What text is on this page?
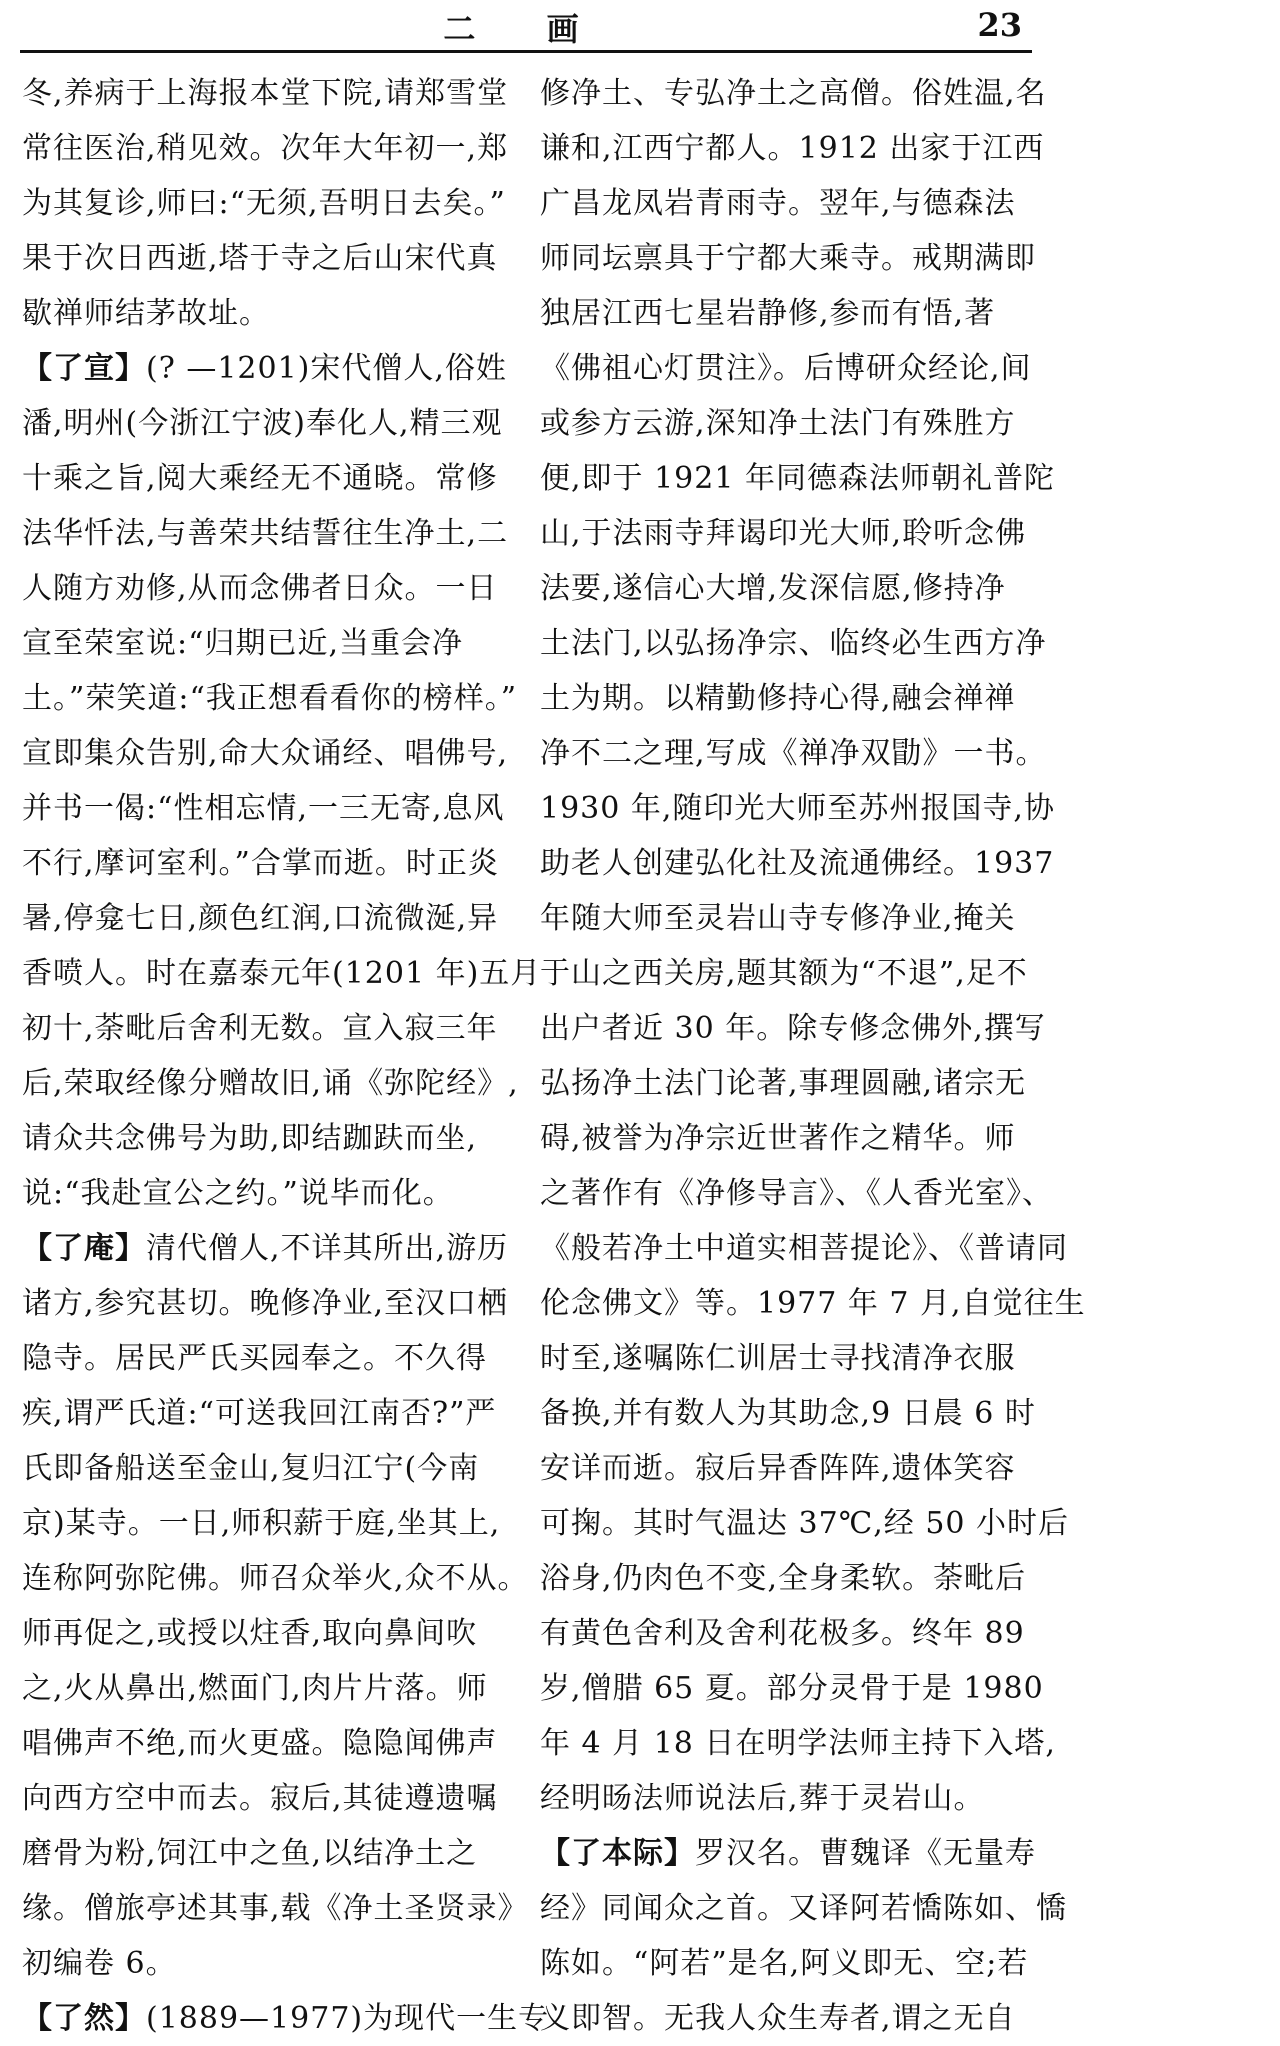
二 画	23
冬,养病于上海报本堂下院,请郑雪堂
常往医治,稍见效。次年大年初一,郑
为其复诊,师曰:“无须,吾明日去矣。”
果于次日西逝,塔于寺之后山宋代真
歇禅师结茅故址。
【了宣】(? —1201)宋代僧人,俗姓
潘,明州(今浙江宁波)奉化人,精三观
十乘之旨,阅大乘经无不通晓。常修
法华忏法,与善荣共结誓往生净土,二
人随方劝修,从而念佛者日众。一日
宣至荣室说:“归期已近,当重会净
土。”荣笑道:“我正想看看你的榜样。”
宣即集众告别,命大众诵经、唱佛号,
并书一偈:“性相忘情,一三无寄,息风
不行,摩诃室利。”合掌而逝。时正炎
暑,停龛七日,颜色红润,口流微涎,异
香喷人。时在嘉泰元年(1201 年)五月
初十,荼毗后舍利无数。宣入寂三年
后,荣取经像分赠故旧,诵《弥陀经》,
请众共念佛号为助,即结跏趺而坐,
说:“我赴宣公之约。”说毕而化。
【了庵】清代僧人,不详其所出,游历
诸方,参究甚切。晚修净业,至汉口栖
隐寺。居民严氏买园奉之。不久得
疾,谓严氏道:“可送我回江南否?”严
氏即备船送至金山,复归江宁(今南
京)某寺。一日,师积薪于庭,坐其上,
连称阿弥陀佛。师召众举火,众不从。
师再促之,或授以炷香,取向鼻间吹
之,火从鼻出,燃面门,肉片片落。师
唱佛声不绝,而火更盛。隐隐闻佛声
向西方空中而去。寂后,其徒遵遗嘱
磨骨为粉,饲江中之鱼,以结净土之
缘。僧旅亭述其事,载《净土圣贤录》
初编卷 6。
【了然】(1889—1977)为现代一生专
修净土、专弘净土之高僧。俗姓温,名
谦和,江西宁都人。1912 出家于江西
广昌龙凤岩青雨寺。翌年,与德森法
师同坛禀具于宁都大乘寺。戒期满即
独居江西七星岩静修,参而有悟,著
《佛祖心灯贯注》。后博研众经论,间
或参方云游,深知净土法门有殊胜方
便,即于 1921 年同德森法师朝礼普陀
山,于法雨寺拜谒印光大师,聆听念佛
法要,遂信心大增,发深信愿,修持净
土法门,以弘扬净宗、临终必生西方净
土为期。以精勤修持心得,融会禅禅
净不二之理,写成《禅净双勖》一书。
1930 年,随印光大师至苏州报国寺,协
助老人创建弘化社及流通佛经。1937
年随大师至灵岩山寺专修净业,掩关
于山之西关房,题其额为“不退”,足不
出户者近 30 年。除专修念佛外,撰写
弘扬净土法门论著,事理圆融,诸宗无
碍,被誉为净宗近世著作之精华。师
之著作有《净修导言》、《人香光室》、
《般若净土中道实相菩提论》、《普请同
伦念佛文》等。1977 年 7 月,自觉往生
时至,遂嘱陈仁训居士寻找清净衣服
备换,并有数人为其助念,9 日晨 6 时
安详而逝。寂后异香阵阵,遗体笑容
可掬。其时气温达 37℃,经 50 小时后
浴身,仍肉色不变,全身柔软。荼毗后
有黄色舍利及舍利花极多。终年 89
岁,僧腊 65 夏。部分灵骨于是 1980
年 4 月 18 日在明学法师主持下入塔,
经明旸法师说法后,葬于灵岩山。
【了本际】罗汉名。曹魏译《无量寿
经》同闻众之首。又译阿若憍陈如、憍
陈如。“阿若”是名,阿义即无、空;若
义即智。无我人众生寿者,谓之无自
